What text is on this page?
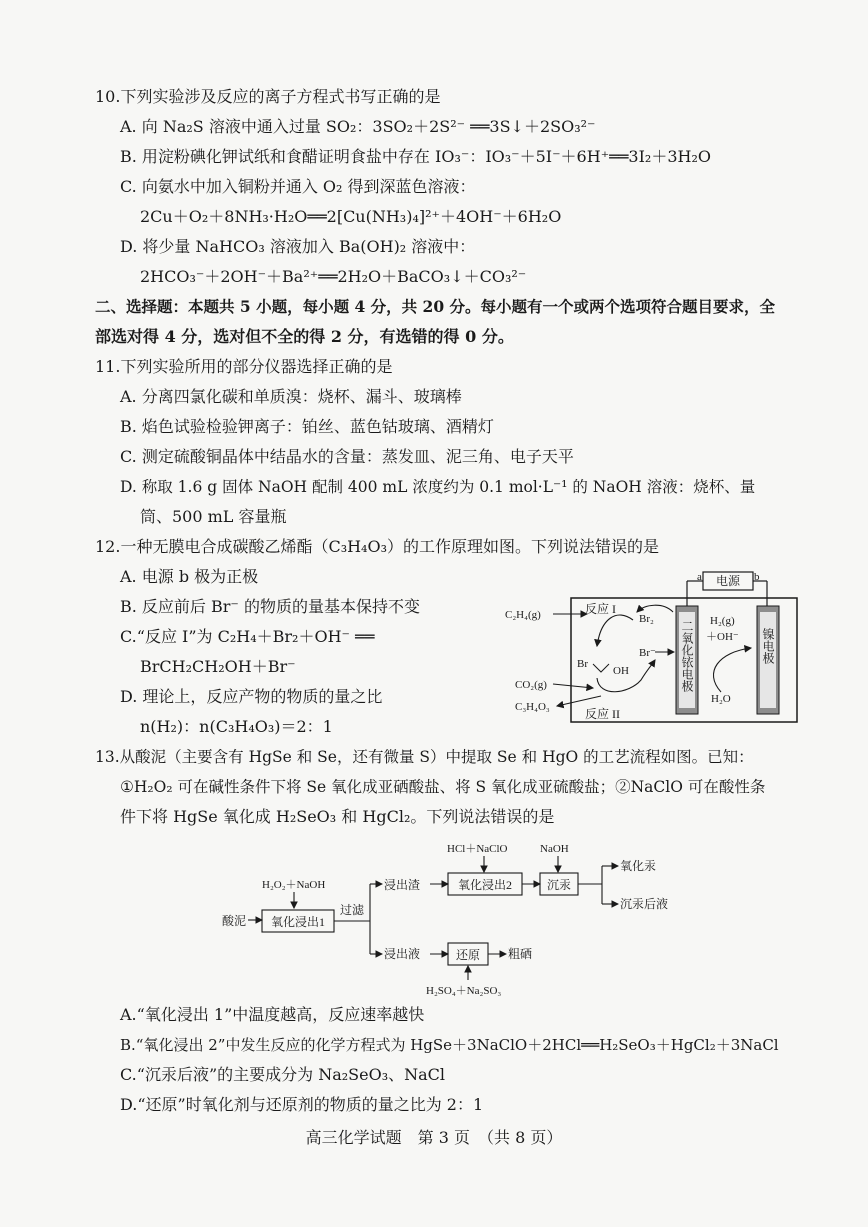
10.下列实验涉及反应的离子方程式书写正确的是
A. 向 Na₂S 溶液中通入过量 SO₂：3SO₂＋2S²⁻ ══3S↓＋2SO₃²⁻
B. 用淀粉碘化钾试纸和食醋证明食盐中存在 IO₃⁻：IO₃⁻＋5I⁻＋6H⁺══3I₂＋3H₂O
C. 向氨水中加入铜粉并通入 O₂ 得到深蓝色溶液：
2Cu＋O₂＋8NH₃·H₂O══2[Cu(NH₃)₄]²⁺＋4OH⁻＋6H₂O
D. 将少量 NaHCO₃ 溶液加入 Ba(OH)₂ 溶液中：
2HCO₃⁻＋2OH⁻＋Ba²⁺══2H₂O＋BaCO₃↓＋CO₃²⁻
二、选择题：本题共 5 小题，每小题 4 分，共 20 分。每小题有一个或两个选项符合题目要求，全
部选对得 4 分，选对但不全的得 2 分，有选错的得 0 分。
11.下列实验所用的部分仪器选择正确的是
A. 分离四氯化碳和单质溴：烧杯、漏斗、玻璃棒
B. 焰色试验检验钾离子：铂丝、蓝色钴玻璃、酒精灯
C. 测定硫酸铜晶体中结晶水的含量：蒸发皿、泥三角、电子天平
D. 称取 1.6 g 固体 NaOH 配制 400 mL 浓度约为 0.1 mol·L⁻¹ 的 NaOH 溶液：烧杯、量
筒、500 mL 容量瓶
12.一种无膜电合成碳酸乙烯酯（C₃H₄O₃）的工作原理如图。下列说法错误的是
A. 电源 b 极为正极
B. 反应前后 Br⁻ 的物质的量基本保持不变
C.“反应 I”为 C₂H₄＋Br₂＋OH⁻ ══
BrCH₂CH₂OH＋Br⁻
D. 理论上，反应产物的物质的量之比
n(H₂)：n(C₃H₄O₃)＝2：1
电源
a	b
二氧化铱电极	镍电极
C₂H₄(g)	反应 I
Br₂
Br⁻
Br
OH
CO₂(g)
C₃H₄O₃	反应 II
H₂(g)
＋OH⁻
H₂O
13.从酸泥（主要含有 HgSe 和 Se，还有微量 S）中提取 Se 和 HgO 的工艺流程如图。已知：
①H₂O₂ 可在碱性条件下将 Se 氧化成亚硒酸盐、将 S 氧化成亚硫酸盐；②NaClO 可在酸性条
件下将 HgSe 氧化成 H₂SeO₃ 和 HgCl₂。下列说法错误的是
H₂O₂＋NaOH
酸泥 氧化浸出1
过滤
浸出渣
HCl＋NaClO
氧化浸出2
NaOH
沉汞
氧化汞
沉汞后液
浸出液	还原 粗硒
H₂SO₄＋Na₂SO₃
A.“氧化浸出 1”中温度越高，反应速率越快
B.“氧化浸出 2”中发生反应的化学方程式为 HgSe＋3NaClO＋2HCl══H₂SeO₃＋HgCl₂＋3NaCl
C.“沉汞后液”的主要成分为 Na₂SeO₃、NaCl
D.“还原”时氧化剂与还原剂的物质的量之比为 2：1
高三化学试题　第 3 页　（共 8 页）
